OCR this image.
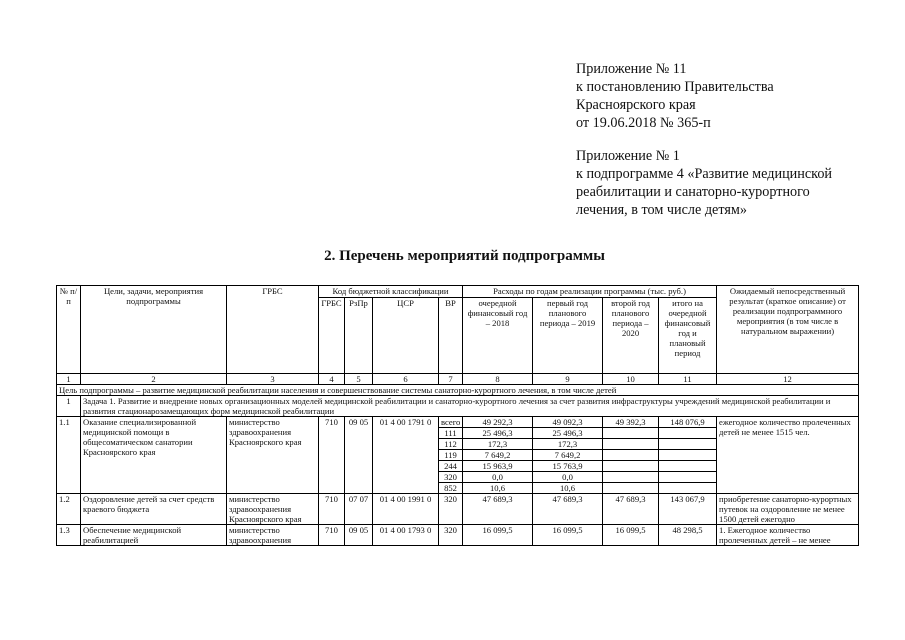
Приложение № 11
к постановлению Правительства
Красноярского края
от 19.06.2018 № 365-п
Приложение № 1
к подпрограмме 4 «Развитие медицинской
реабилитации и санаторно-курортного
лечения, в том числе детям»
2. Перечень мероприятий подпрограммы
№ п/п	Цели, задачи, мероприятия подпрограммы	ГРБС	Код бюджетной классификации				Расходы по годам реализации программы (тыс. руб.)				Ожидаемый непосредственный результат (краткое описание) от реализации подпрограммного мероприятия (в том числе в натуральном выражении)
			ГРБС	РзПр	ЦСР	ВР	очередной финансовый год – 2018	первый год планового периода – 2019	второй год планового периода – 2020	итого на очередной финансовый год и плановый период	
1	2	3	4	5	6	7	8	9	10	11	12
Цель подпрограммы – развитие медицинской реабилитации населения и совершенствование системы санаторно-курортного лечения, в том числе детей											
1	Задача 1. Развитие и внедрение новых организационных моделей медицинской реабилитации и санаторно-курортного лечения за счет развития инфраструктуры учреждений медицинской реабилитации и развития стационарозамещающих форм медицинской реабилитации										
1.1	Оказание специализированной медицинской помощи в общесоматическом санатории Красноярского края	министерство здравоохранения Красноярского края	710	09 05	01 4 00 1791 0	всего	49 292,3	49 092,3	49 392,3	148 076,9	ежегодное количество пролеченных детей не менее 1515 чел.
						111	25 496,3	25 496,3			
						112	172,3	172,3			
						119	7 649,2	7 649,2			
						244	15 963,9	15 763,9			
						320	0,0	0,0			
						852	10,6	10,6			
1.2	Оздоровление детей за счет средств краевого бюджета	министерство здравоохранения Красноярского края	710	07 07	01 4 00 1991 0	320	47 689,3	47 689,3	47 689,3	143 067,9	приобретение санаторно-курортных путевок на оздоровление не менее 1500 детей ежегодно
1.3	Обеспечение медицинской реабилитацией	министерство здравоохранения	710	09 05	01 4 00 1793 0	320	16 099,5	16 099,5	16 099,5	48 298,5	1. Ежегодное количество пролеченных детей – не менее
